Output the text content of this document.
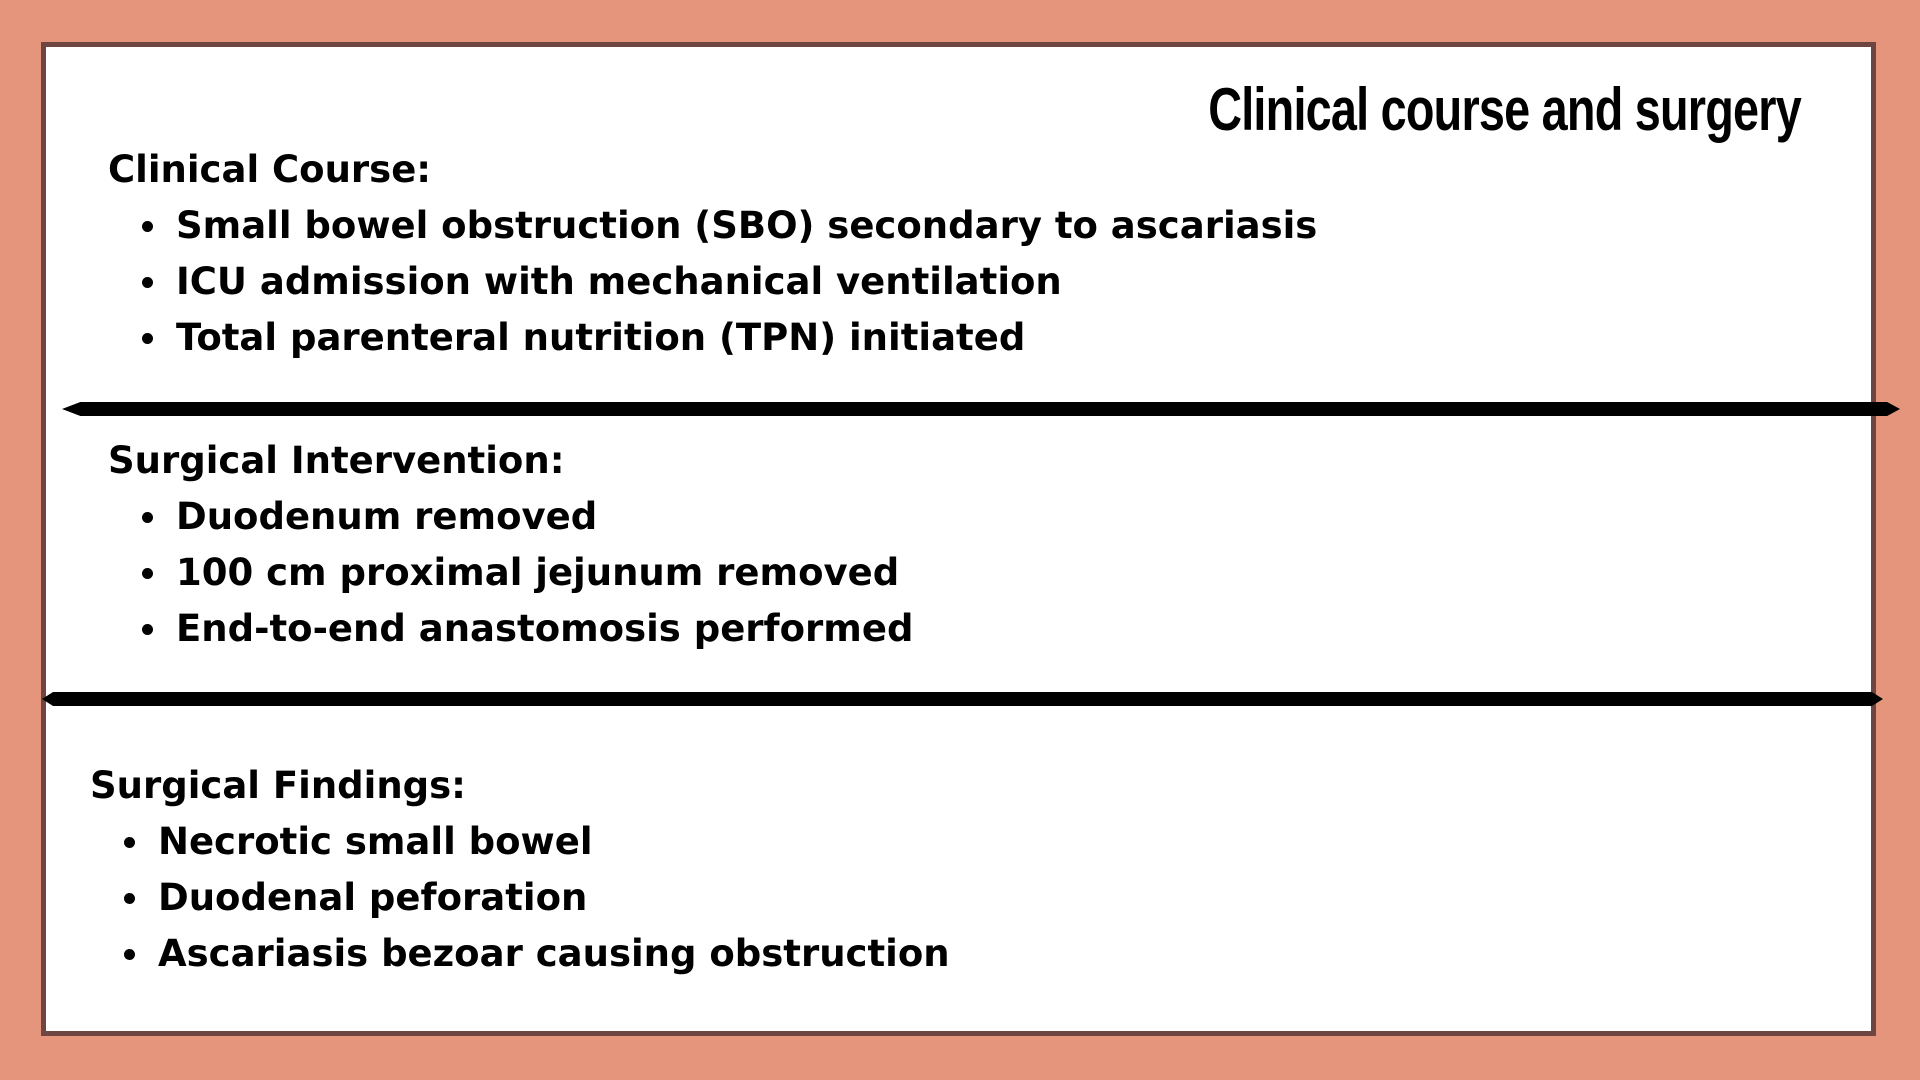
Clinical course and surgery
Clinical Course:
Small bowel obstruction (SBO) secondary to ascariasis
ICU admission with mechanical ventilation
Total parenteral nutrition (TPN) initiated
Surgical Intervention:
Duodenum removed
100 cm proximal jejunum removed
End-to-end anastomosis performed
Surgical Findings:
Necrotic small bowel
Duodenal peforation
Ascariasis bezoar causing obstruction
